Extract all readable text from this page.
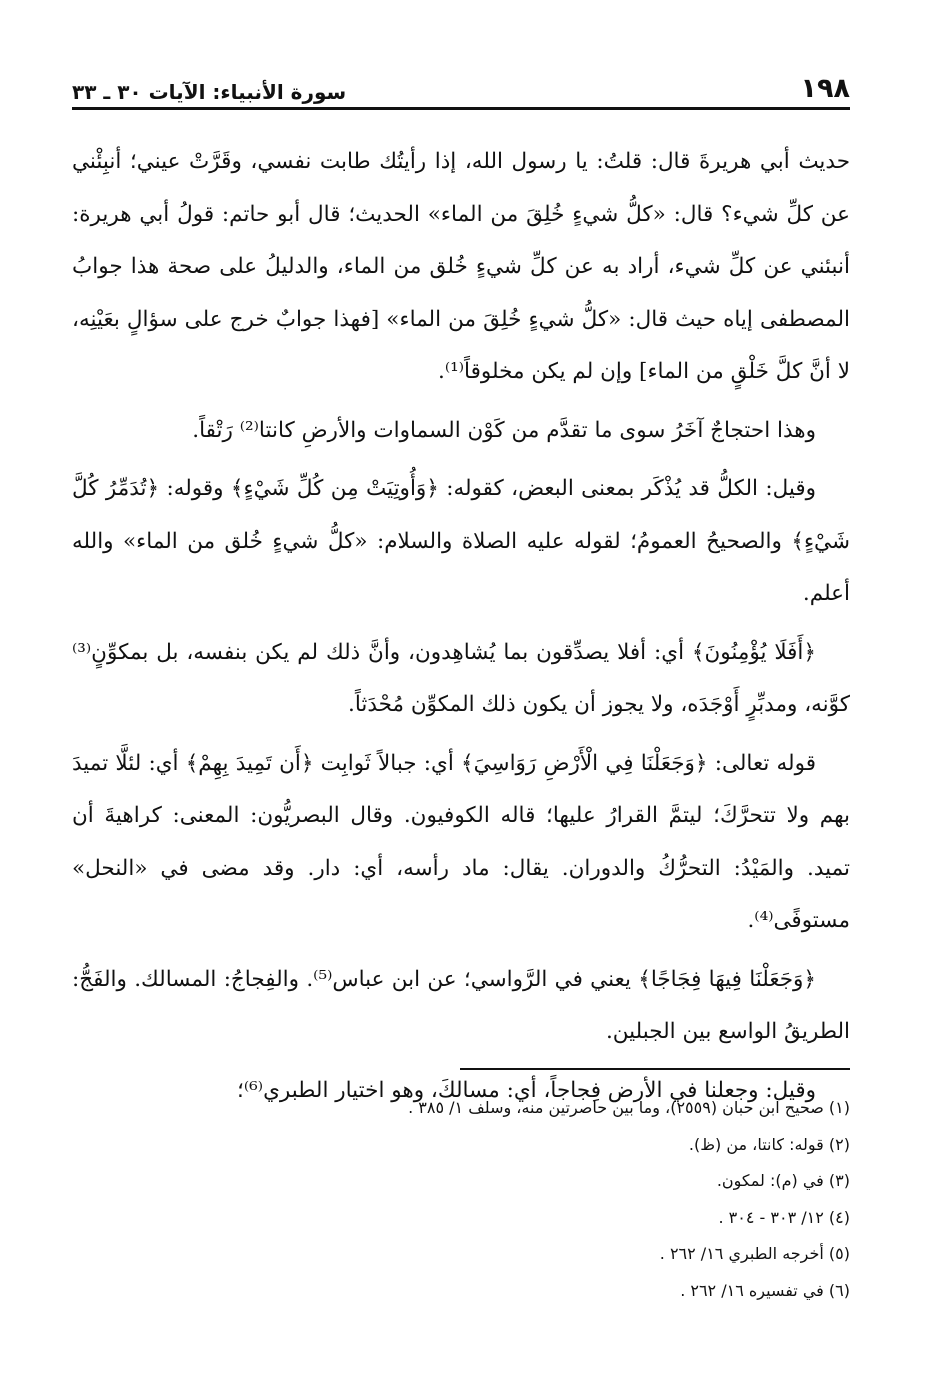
١٩٨
سورة الأنبياء: الآيات ٣٠ ـ ٣٣

حديث أبي هريرةَ قال: قلتُ: يا رسول الله، إذا رأيتُك طابت نفسي، وقَرَّتْ عيني؛ أنبِئْني عن كلِّ شيء؟ قال: «كلُّ شيءٍ خُلِقَ من الماء» الحديث؛ قال أبو حاتم: قولُ أبي هريرة: أنبئني عن كلِّ شيء، أراد به عن كلِّ شيءٍ خُلق من الماء، والدليلُ على صحة هذا جوابُ المصطفى إياه حيث قال: «كلُّ شيءٍ خُلِقَ من الماء» [فهذا جوابٌ خرج على سؤالٍ بعَيْنِه، لا أنَّ كلَّ خَلْقٍ من الماء] وإن لم يكن مخلوقاً⁽¹⁾.

وهذا احتجاجٌ آخَرُ سوى ما تقدَّم من كَوْن السماوات والأرضِ كانتا⁽²⁾ رَتْقاً.

وقيل: الكلُّ قد يُذْكَر بمعنى البعض، كقوله: ﴿وَأُوتِيَتْ مِن كُلِّ شَيْءٍ﴾ وقوله: ﴿تُدَمِّرُ كُلَّ شَيْءٍ﴾ والصحيحُ العمومُ؛ لقوله عليه الصلاة والسلام: «كلُّ شيءٍ خُلق من الماء» والله أعلم.

﴿أَفَلَا يُؤْمِنُونَ﴾ أي: أفلا يصدِّقون بما يُشاهِدون، وأنَّ ذلك لم يكن بنفسه، بل بمكوِّنٍ⁽³⁾ كوَّنه، ومدبِّرٍ أَوْجَدَه، ولا يجوز أن يكون ذلك المكوِّن مُحْدَثاً.

قوله تعالى: ﴿وَجَعَلْنَا فِي الْأَرْضِ رَوَاسِيَ﴾ أي: جبالاً ثَوابِت ﴿أَن تَمِيدَ بِهِمْ﴾ أي: لئلَّا تميدَ بهم ولا تتحرَّكَ؛ ليتمَّ القرارُ عليها؛ قاله الكوفيون. وقال البصريُّون: المعنى: كراهيةَ أن تميد. والمَيْدُ: التحرُّكُ والدوران. يقال: ماد رأسه، أي: دار. وقد مضى في «النحل» مستوفًى⁽⁴⁾.

﴿وَجَعَلْنَا فِيهَا فِجَاجًا﴾ يعني في الرَّواسي؛ عن ابن عباس⁽⁵⁾. والفِجاجُ: المسالك. والفَجُّ: الطريقُ الواسع بين الجبلين.

وقيل: وجعلنا في الأرض فِجاجاً، أي: مسالكَ، وهو اختيار الطبري⁽⁶⁾؛

(١) صحيح ابن حبان (٢٥٥٩)، وما بين حاصرتين منه، وسلف ١/ ٣٨٥ .

(٢) قوله: كانتا، من (ظ).

(٣) في (م): لمكون.

(٤) ١٢/ ٣٠٣ - ٣٠٤ .

(٥) أخرجه الطبري ١٦/ ٢٦٢ .

(٦) في تفسيره ١٦/ ٢٦٢ .
